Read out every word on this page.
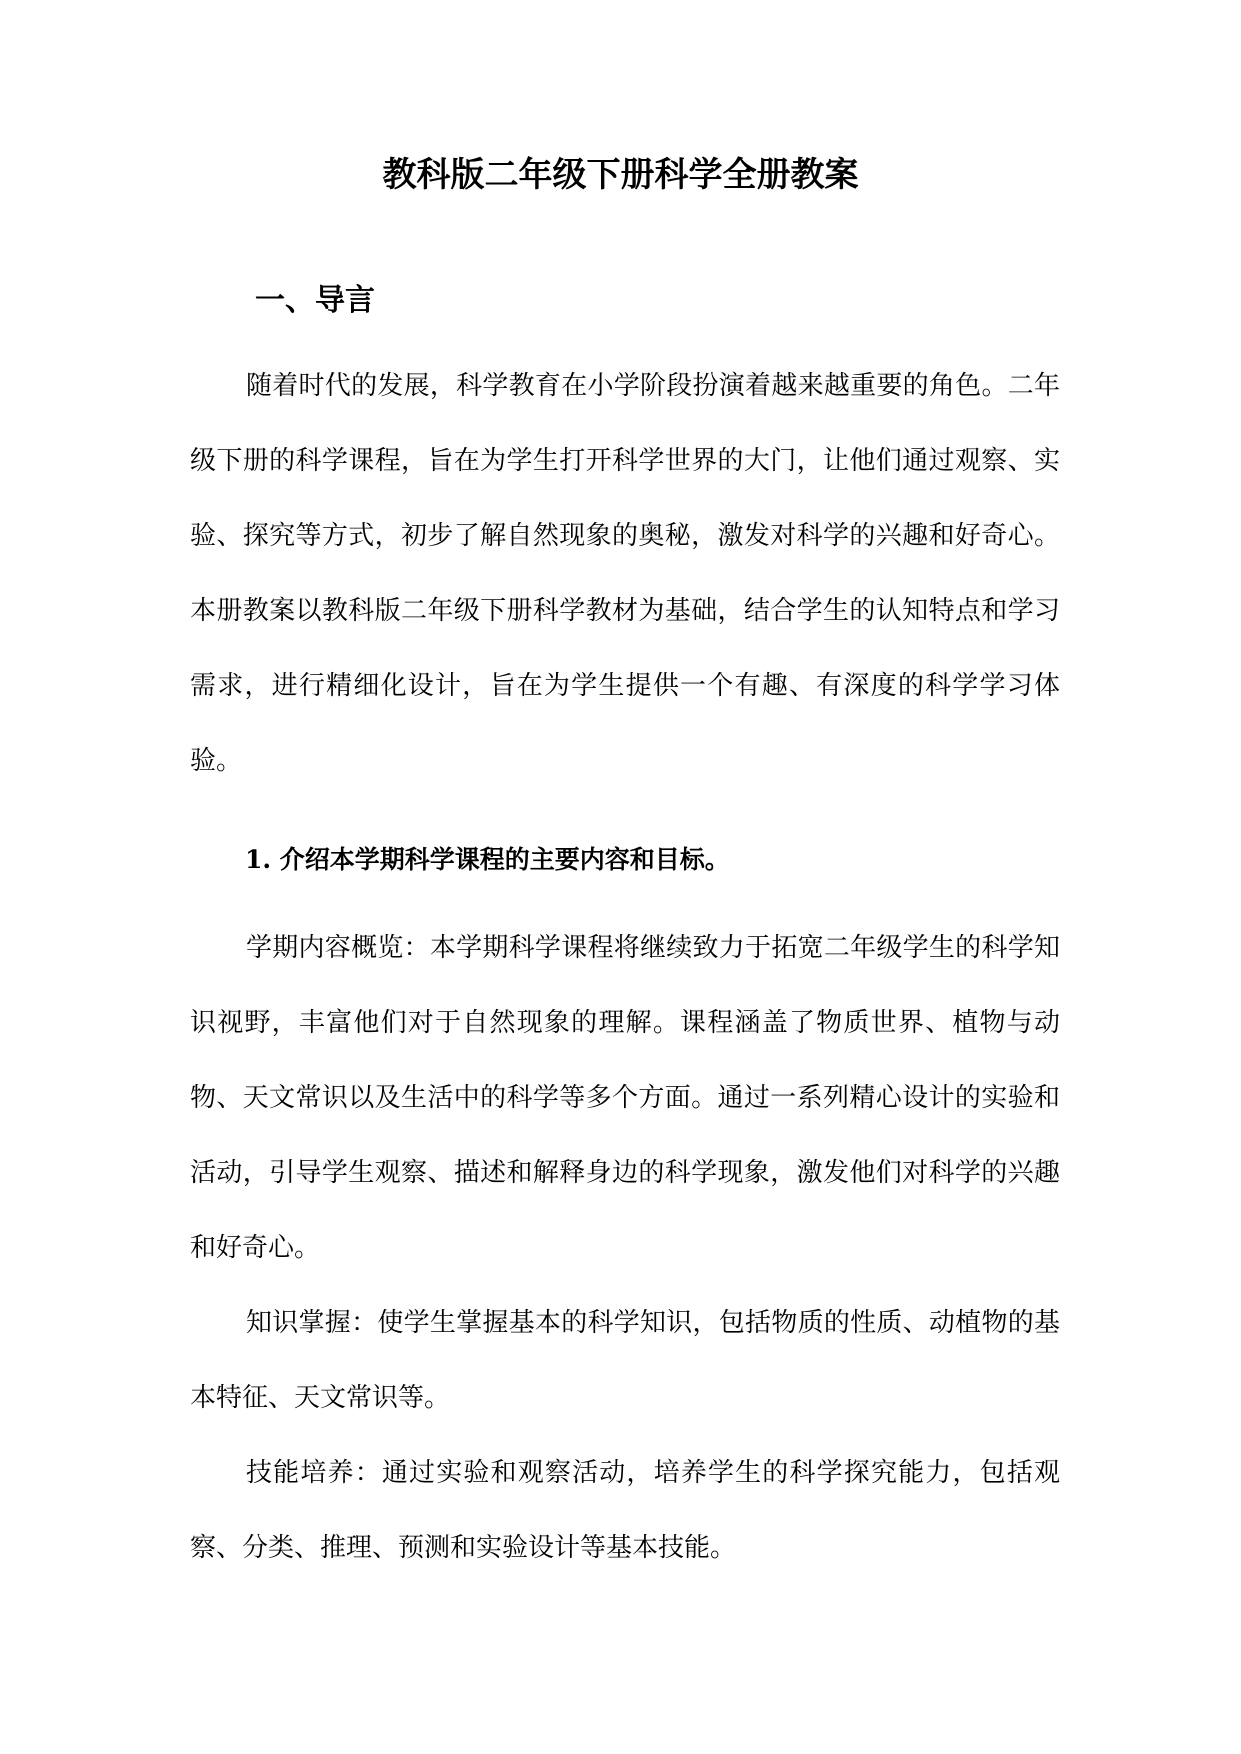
教科版二年级下册科学全册教案
一、导言

随着时代的发展，科学教育在小学阶段扮演着越来越重要的角色。二年级下册的科学课程，旨在为学生打开科学世界的大门，让他们通过观察、实验、探究等方式，初步了解自然现象的奥秘，激发对科学的兴趣和好奇心。本册教案以教科版二年级下册科学教材为基础，结合学生的认知特点和学习需求，进行精细化设计，旨在为学生提供一个有趣、有深度的科学学习体验。

1. 介绍本学期科学课程的主要内容和目标。

学期内容概览：本学期科学课程将继续致力于拓宽二年级学生的科学知识视野，丰富他们对于自然现象的理解。课程涵盖了物质世界、植物与动物、天文常识以及生活中的科学等多个方面。通过一系列精心设计的实验和活动，引导学生观察、描述和解释身边的科学现象，激发他们对科学的兴趣和好奇心。

知识掌握：使学生掌握基本的科学知识，包括物质的性质、动植物的基本特征、天文常识等。

技能培养：通过实验和观察活动，培养学生的科学探究能力，包括观察、分类、推理、预测和实验设计等基本技能。
